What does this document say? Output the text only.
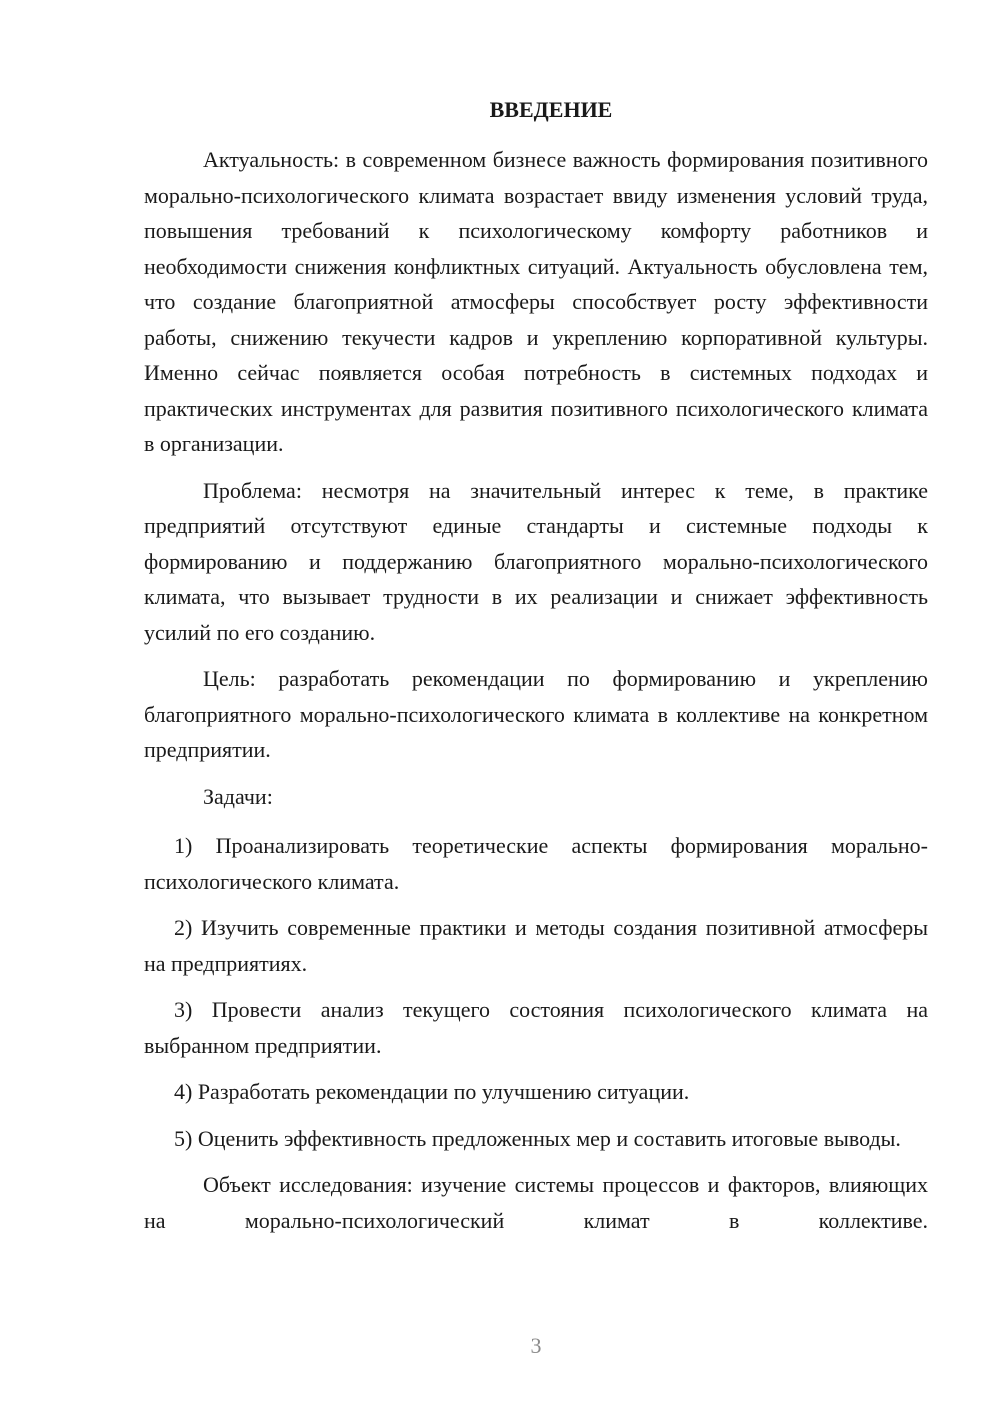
ВВЕДЕНИЕ

Актуальность: в современном бизнесе важность формирования позитивного морально-психологического климата возрастает ввиду изменения условий труда, повышения требований к психологическому комфорту работников и необходимости снижения конфликтных ситуаций. Актуальность обусловлена тем, что создание благоприятной атмосферы способствует росту эффективности работы, снижению текучести кадров и укреплению корпоративной культуры. Именно сейчас появляется особая потребность в системных подходах и практических инструментах для развития позитивного психологического климата в организации.

Проблема: несмотря на значительный интерес к теме, в практике предприятий отсутствуют единые стандарты и системные подходы к формированию и поддержанию благоприятного морально-психологического климата, что вызывает трудности в их реализации и снижает эффективность усилий по его созданию.

Цель: разработать рекомендации по формированию и укреплению благоприятного морально-психологического климата в коллективе на конкретном предприятии.

Задачи:

1) Проанализировать теоретические аспекты формирования морально-психологического климата.

2) Изучить современные практики и методы создания позитивной атмосферы на предприятиях.

3) Провести анализ текущего состояния психологического климата на выбранном предприятии.

4) Разработать рекомендации по улучшению ситуации.

5) Оценить эффективность предложенных мер и составить итоговые выводы.

Объект исследования: изучение системы процессов и факторов, влияющих на морально-психологический климат в коллективе.

3
